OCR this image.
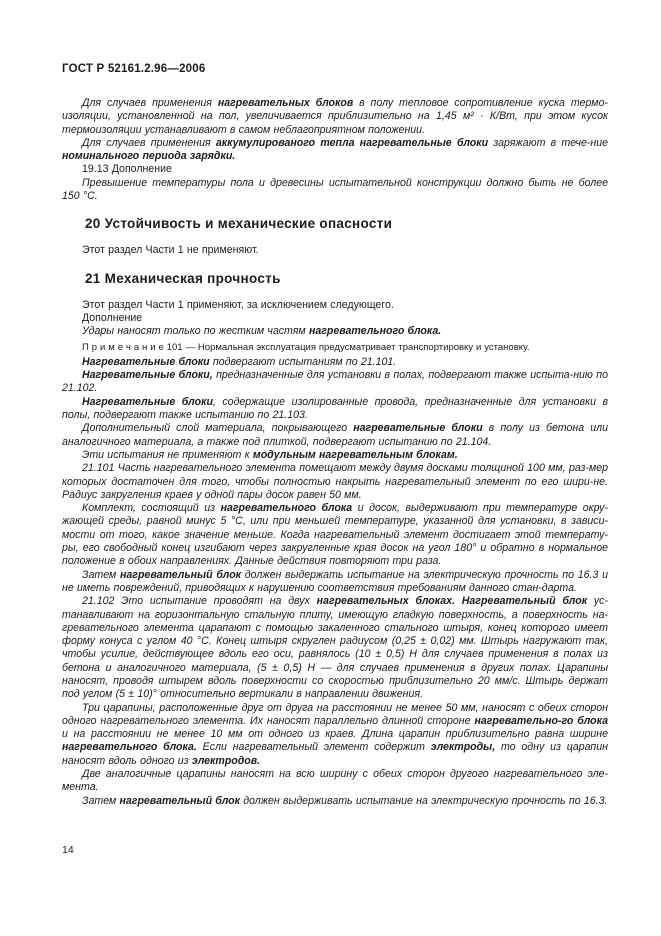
ГОСТ Р 52161.2.96—2006

Для случаев применения нагревательных блоков в полу тепловое сопротивление куска термо-изоляции, установленной на пол, увеличивается приблизительно на 1,45 м² · К/Вт, при этом кусок термоизоляции устанавливают в самом неблагоприятном положении.

Для случаев применения аккумулированого тепла нагревательные блоки заряжают в тече-ние номинального периода зарядки.

19.13 Дополнение

Превышение температуры пола и древесины испытательной конструкции должно быть не более 150 °С.

20 Устойчивость и механические опасности

Этот раздел Части 1 не применяют.

21 Механическая прочность

Этот раздел Части 1 применяют, за исключением следующего.

Дополнение

Удары наносят только по жестким частям нагревательного блока.

П р и м е ч а н и е 101 — Нормальная эксплуатация предусматривает транспортировку и установку.

Нагревательные блоки подвергают испытаниям по 21.101.

Нагревательные блоки, предназначенные для установки в полах, подвергают также испыта-нию по 21.102.

Нагревательные блоки, содержащие изолированные провода, предназначенные для установки в полы, подвергают также испытанию по 21.103.

Дополнительный слой материала, покрывающего нагревательные блоки в полу из бетона или аналогичного материала, а также под плиткой, подвергают испытанию по 21.104.

Эти испытания не применяют к модульным нагревательным блокам.

21.101 Часть нагревательного элемента помещают между двумя досками толщиной 100 мм, раз-мер которых достаточен для того, чтобы полностью накрыть нагревательный элемент по его шири-не. Радиус закругления краев у одной пары досок равен 50 мм.

Комплект, состоящий из нагревательного блока и досок, выдерживают при температуре окру-жающей среды, равной минус 5 °С, или при меньшей температуре, указанной для установки, в зависи-мости от того, какое значение меньше. Когда нагревательный элемент достигает этой температу-ры, его свободный конец изгибают через закругленные края досок на угол 180° и обратно в нормальное положение в обоих направлениях. Данные действия повторяют три раза.

Затем нагревательный блок должен выдержать испытание на электрическую прочность по 16.3 и не иметь повреждений, приводящих к нарушению соответствия требованиям данного стан-дарта.

21.102 Это испытание проводят на двух нагревательных блоках. Нагревательный блок ус-танавливают на горизонтальную стальную плиту, имеющую гладкую поверхность, а поверхность на-гревательного элемента царапают с помощью закаленного стального штыря, конец которого имеет форму конуса с углом 40 °С. Конец штыря скруглен радиусом (0,25 ± 0,02) мм. Штырь нагружают так, чтобы усилие, действующее вдоль его оси, равнялось (10 ± 0,5) Н для случаев применения в полах из бетона и аналогичного материала, (5 ± 0,5) Н — для случаев применения в других полах. Царапины наносят, проводя штырем вдоль поверхности со скоростью приблизительно 20 мм/с. Штырь держат под углом (5 ± 10)° относительно вертикали в направлении движения.

Три царапины, расположенные друг от друга на расстоянии не менее 50 мм, наносят с обеих сторон одного нагревательного элемента. Их наносят параллельно длинной стороне нагревательно-го блока и на расстоянии не менее 10 мм от одного из краев. Длина царапин приблизительно равна ширине нагревательного блока. Если нагревательный элемент содержит электроды, то одну из царапин наносят вдоль одного из электродов.

Две аналогичные царапины наносят на всю ширину с обеих сторон другого нагревательного эле-мента.

Затем нагревательный блок должен выдерживать испытание на электрическую прочность по 16.3.

14
